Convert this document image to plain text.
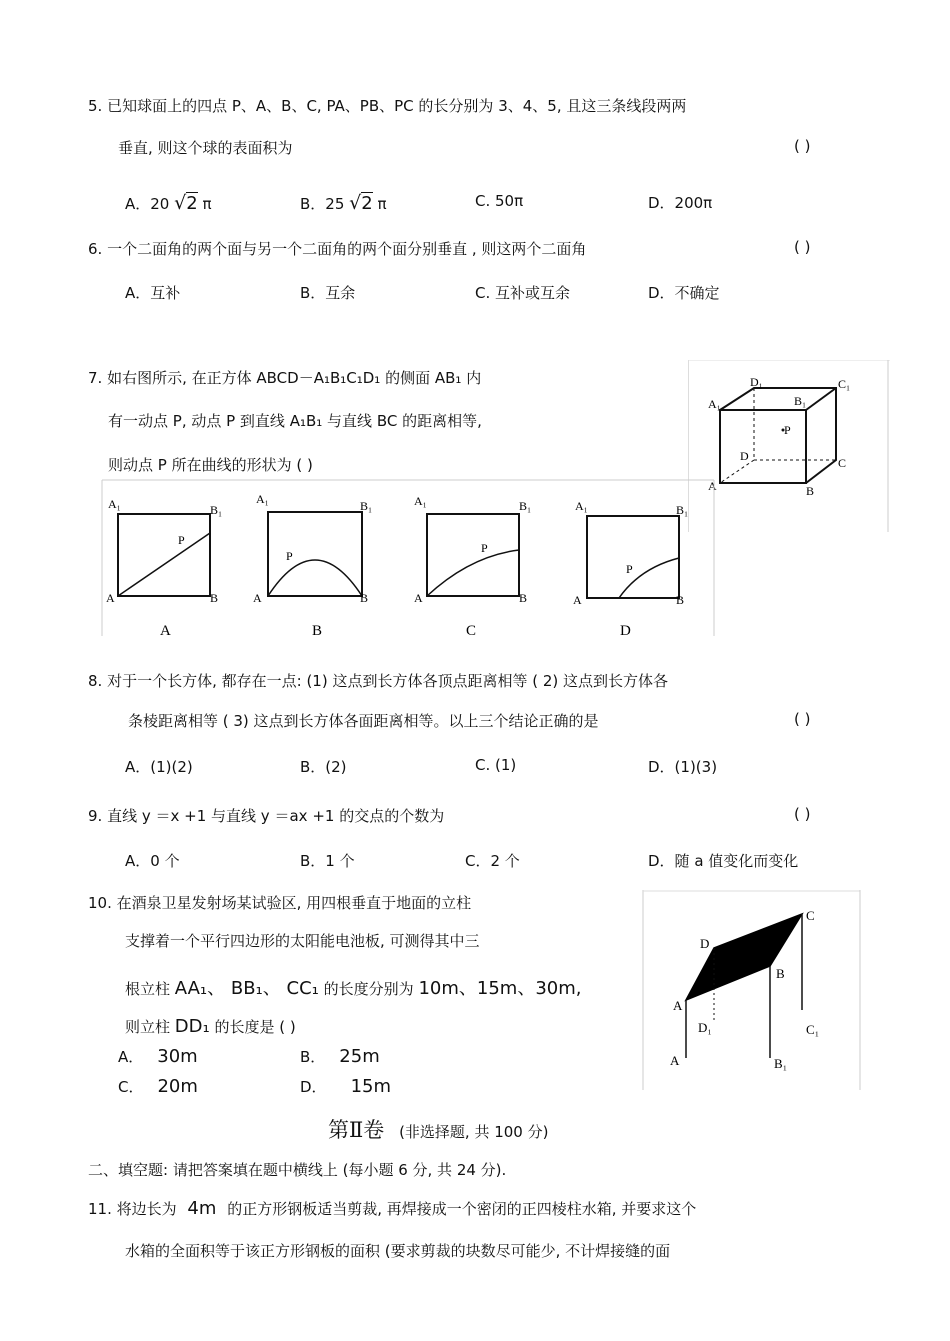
5. 已知球面上的四点 P、A、B、C, PA、PB、PC 的长分别为 3、4、5, 且这三条线段两两
垂直, 则这个球的表面积为	( )
A．20 √2 π	B．25 √2 π	C. 50π	D．200π
6. 一个二面角的两个面与另一个二面角的两个面分别垂直 , 则这两个二面角	( )
A．互补	B．互余	C. 互补或互余	D．不确定
7. 如右图所示, 在正方体 ABCD－A₁B₁C₁D₁ 的侧面 AB₁ 内
有一动点 P, 动点 P 到直线 A₁B₁ 与直线 BC 的距离相等,
则动点 P 所在曲线的形状为 ( )
D₁	C₁
A₁	B₁
P
D	C
A	B
A₁	B₁
A	B
P
A
A₁	B₁
A	B
P
B
A₁	B₁
A	B
P
C
A₁	B₁
A	B
P
D
8. 对于一个长方体, 都存在一点: (1) 这点到长方体各顶点距离相等 ( 2) 这点到长方体各
条棱距离相等 ( 3) 这点到长方体各面距离相等。以上三个结论正确的是	( )
A．(1)(2)	B．(2)	C. (1)	D．(1)(3)
9. 直线 y ＝x +1 与直线 y ＝ax +1 的交点的个数为	( )
A．0 个	B．1 个	C．2 个	D．随 a 值变化而变化
10. 在酒泉卫星发射场某试验区, 用四根垂直于地面的立柱
支撑着一个平行四边形的太阳能电池板, 可测得其中三
根立柱 AA₁、 BB₁、 CC₁ 的长度分别为 10m、15m、30m,
则立柱 DD₁ 的长度是 ( )
A． 30m	B． 25m
C． 20m	D． 15m
C
D
B
A
D₁	C₁
A	B₁
第Ⅱ卷 (非选择题, 共 100 分)
二、填空题: 请把答案填在题中横线上 (每小题 6 分, 共 24 分).
11. 将边长为 4m 的正方形钢板适当剪裁, 再焊接成一个密闭的正四棱柱水箱, 并要求这个
水箱的全面积等于该正方形钢板的面积 (要求剪裁的块数尽可能少, 不计焊接缝的面
